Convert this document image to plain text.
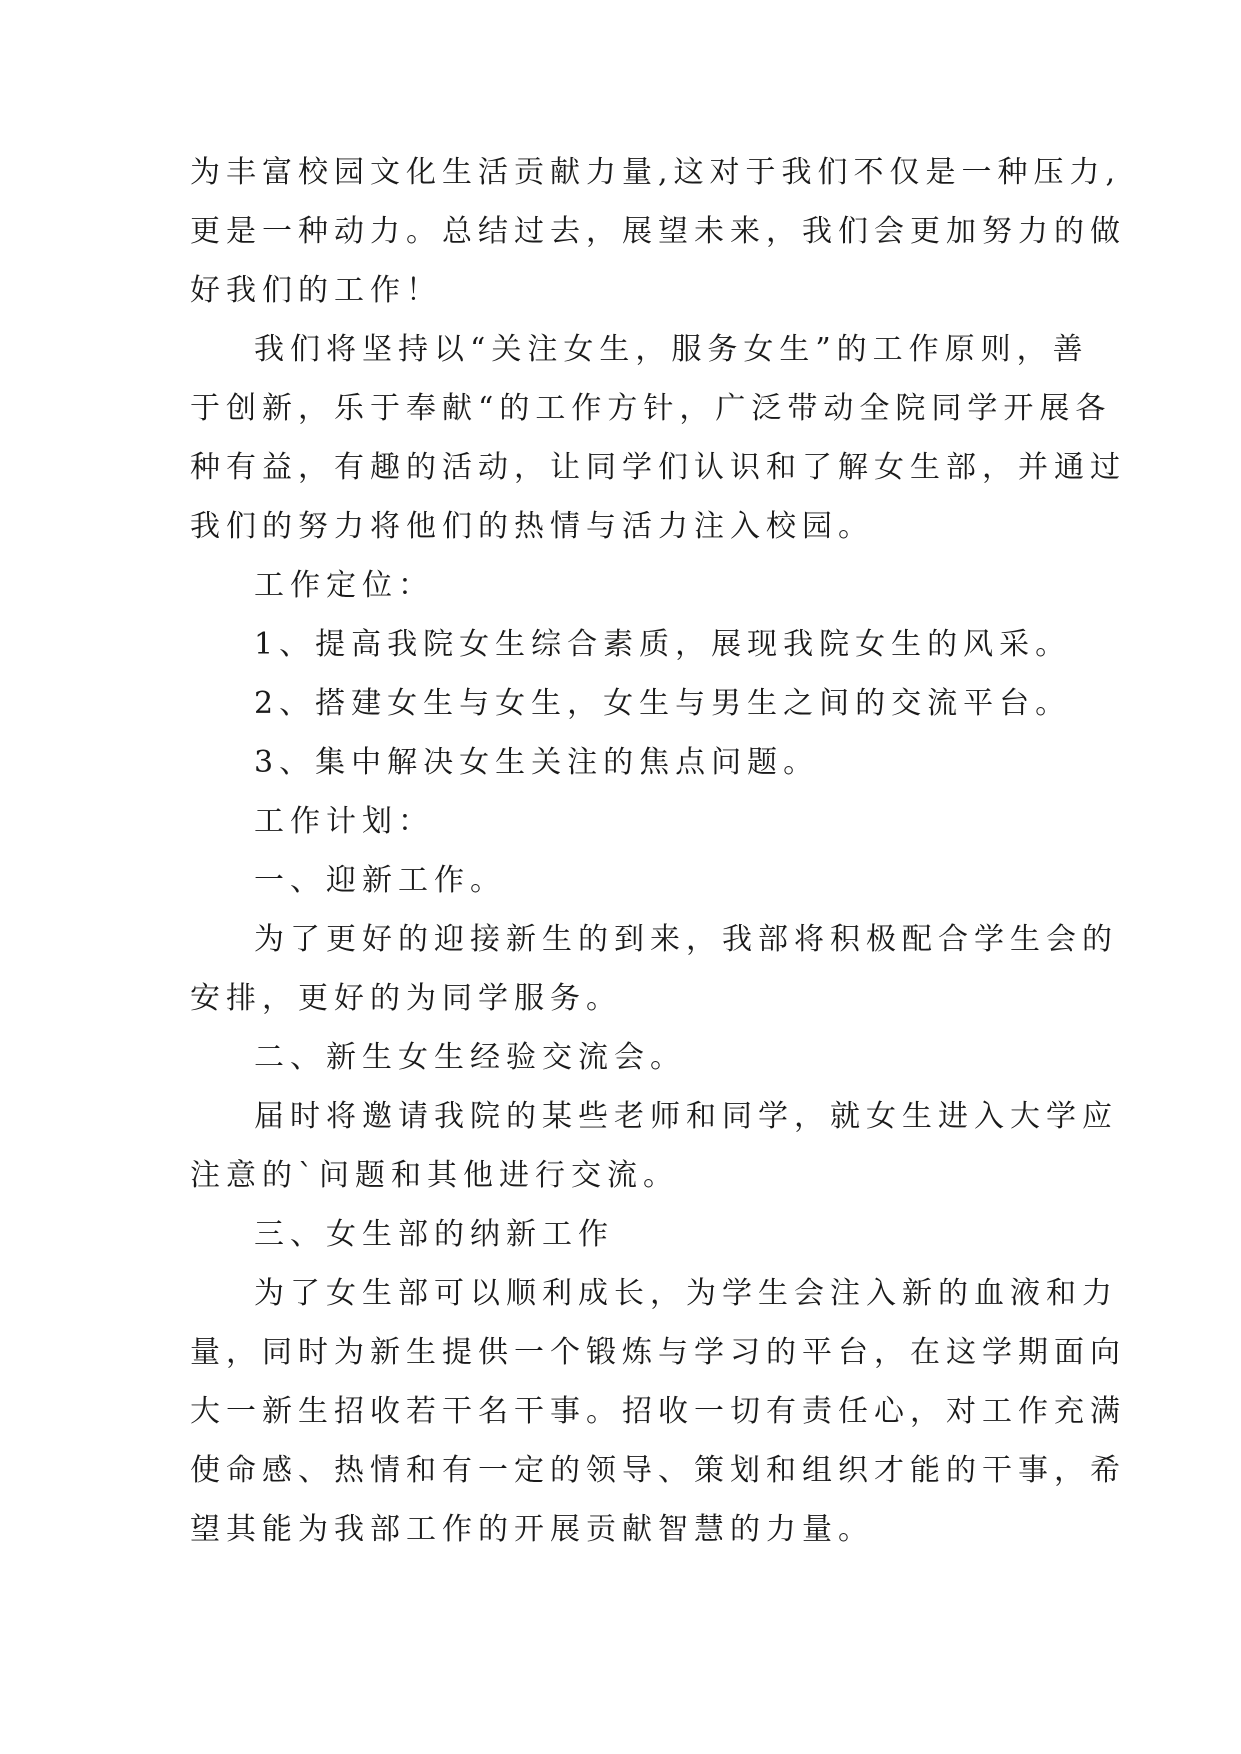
为丰富校园文化生活贡献力量,这对于我们不仅是一种压力,
更是一种动力。总结过去，展望未来，我们会更加努力的做
好我们的工作！
我们将坚持以“关注女生，服务女生”的工作原则，善
于创新，乐于奉献“的工作方针，广泛带动全院同学开展各
种有益，有趣的活动，让同学们认识和了解女生部，并通过
我们的努力将他们的热情与活力注入校园。
工作定位：
1、提高我院女生综合素质，展现我院女生的风采。
2、搭建女生与女生，女生与男生之间的交流平台。
3、集中解决女生关注的焦点问题。
工作计划：
一、迎新工作。
为了更好的迎接新生的到来，我部将积极配合学生会的
安排，更好的为同学服务。
二、新生女生经验交流会。
届时将邀请我院的某些老师和同学，就女生进入大学应
注意的`问题和其他进行交流。
三、女生部的纳新工作
为了女生部可以顺利成长，为学生会注入新的血液和力
量，同时为新生提供一个锻炼与学习的平台，在这学期面向
大一新生招收若干名干事。招收一切有责任心，对工作充满
使命感、热情和有一定的领导、策划和组织才能的干事，希
望其能为我部工作的开展贡献智慧的力量。
